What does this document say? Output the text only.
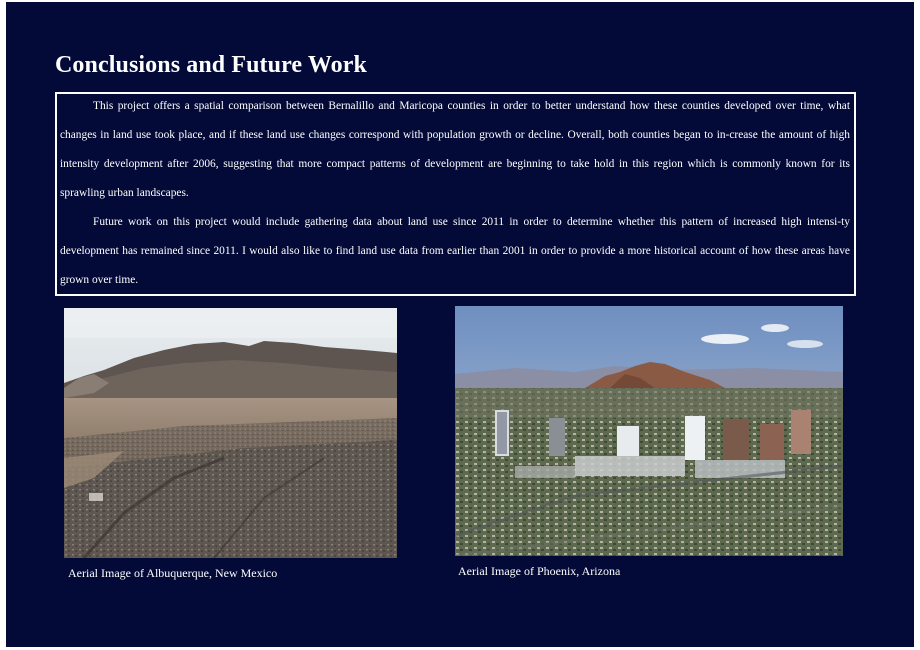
Conclusions and Future Work

This project offers a spatial comparison between Bernalillo and Maricopa counties in order to better understand how these counties developed over time, what changes in land use took place, and if these land use changes correspond with population growth or decline. Overall, both counties began to in-crease the amount of high intensity development after 2006, suggesting that more compact patterns of development are beginning to take hold in this region which is commonly known for its sprawling urban landscapes.

Future work on this project would include gathering data about land use since 2011 in order to determine whether this pattern of increased high intensi-ty development has remained since 2011. I would also like to find land use data from earlier than 2001 in order to provide a more historical account of how these areas have grown over time.

Aerial Image of Albuquerque, New Mexico	Aerial Image of Phoenix, Arizona
